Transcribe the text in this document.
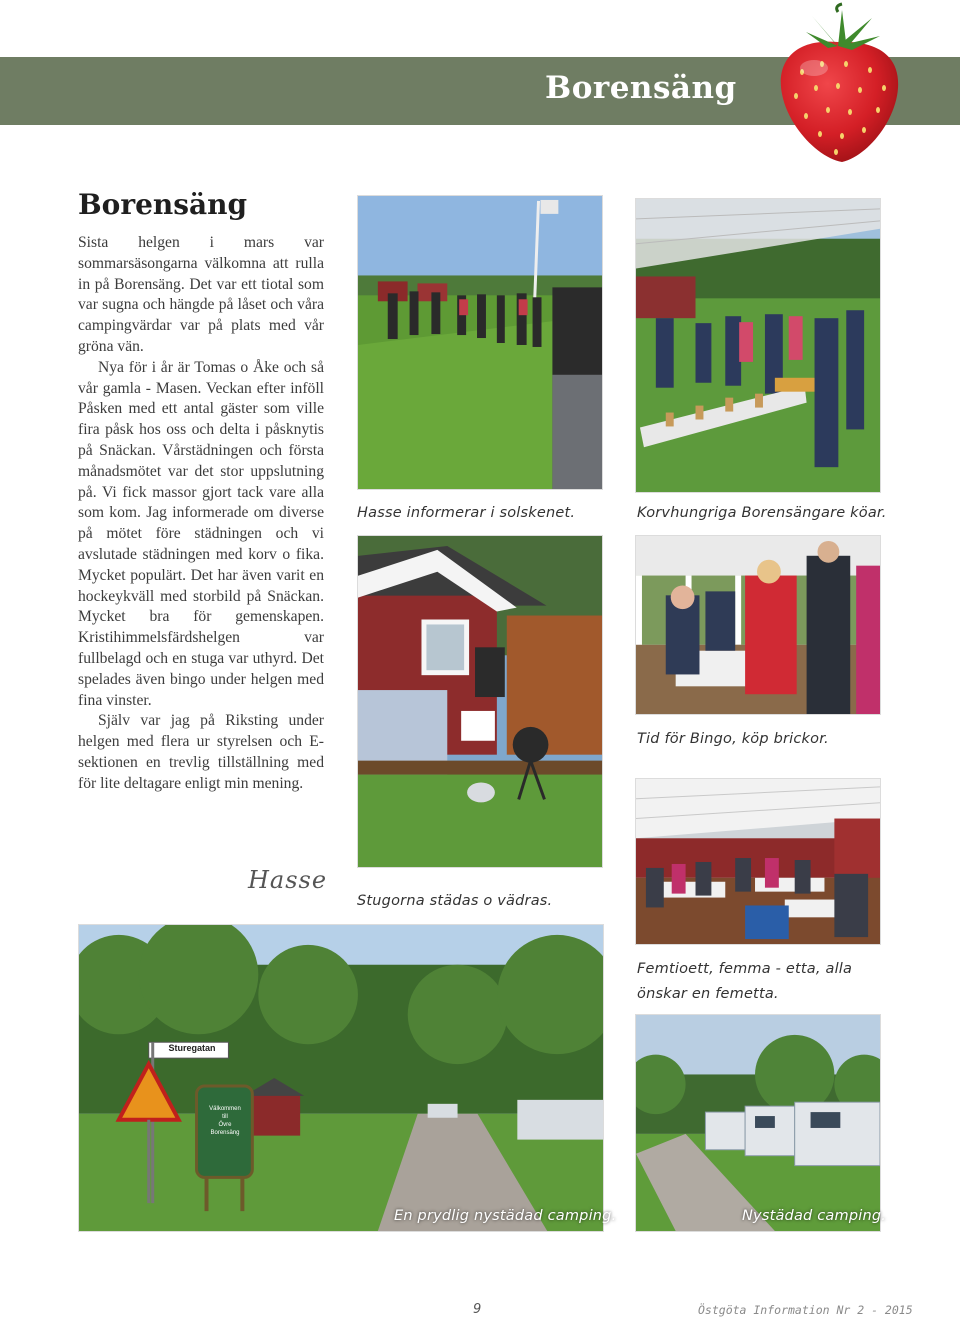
Borensäng
Borensäng

Sista helgen i mars var sommarsäsongarna välkomna att rulla in på Borensäng. Det var ett tiotal som var sugna och hängde på låset och våra campingvärdar var på plats med vår gröna vän.

Nya för i år är Tomas o Åke och så vår gamla - Masen. Veckan efter inföll Påsken med ett antal gäster som ville fira påsk hos oss och delta i påsknytis på Snäckan. Vårstädningen och första månadsmötet var det stor uppslutning på. Vi fick massor gjort tack vare alla som kom. Jag informerade om diverse på mötet före städningen och vi avslutade städningen med korv o fika. Mycket populärt. Det har även varit en hockeykväll med storbild på Snäckan. Mycket bra för gemenskapen. Kristihimmelsfärdshelgen var fullbelagd och en stuga var uthyrd. Det spelades även bingo under helgen med fina vinster.

Själv var jag på Riksting under helgen med flera ur styrelsen och E-sektionen en trevlig tillställning med för lite deltagare enligt min mening.

Hasse
Hasse informerar i solskenet.	Korvhungriga Borensängare köar.
Stugorna städas o vädras.
Tid för Bingo, köp brickor.
Femtioett, femma - etta, alla önskar en femetta.
Sturegatan
Välkommen
till
Övre
Borensäng
En prydlig nystädad camping.	Nystädad camping.
9	Östgöta Information Nr 2 - 2015
